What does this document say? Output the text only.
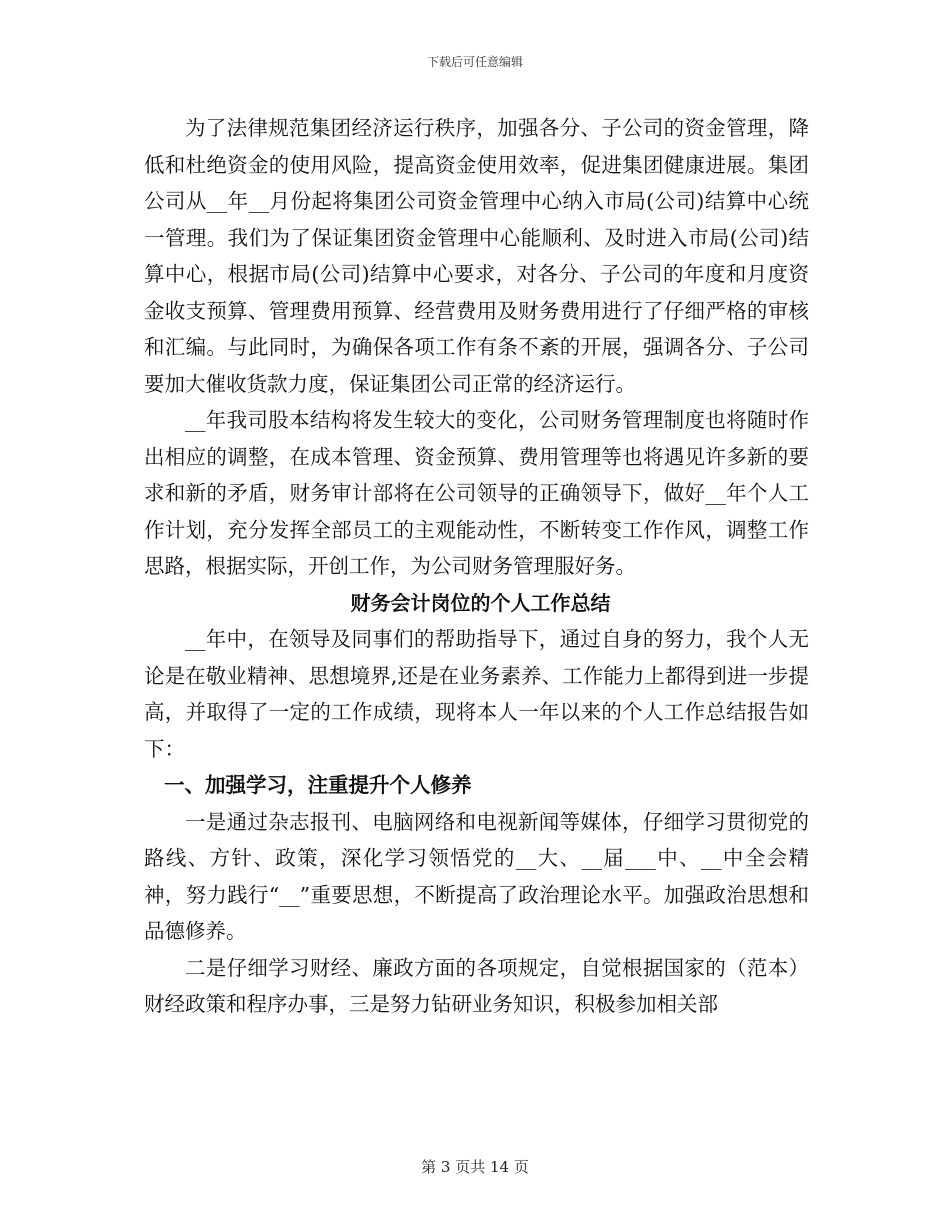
下载后可任意编辑

为了法律规范集团经济运行秩序，加强各分、子公司的资金管理，降低和杜绝资金的使用风险，提高资金使用效率，促进集团健康进展。集团公司从__年__月份起将集团公司资金管理中心纳入市局(公司)结算中心统一管理。我们为了保证集团资金管理中心能顺利、及时进入市局(公司)结算中心，根据市局(公司)结算中心要求，对各分、子公司的年度和月度资金收支预算、管理费用预算、经营费用及财务费用进行了仔细严格的审核和汇编。与此同时，为确保各项工作有条不紊的开展，强调各分、子公司要加大催收货款力度，保证集团公司正常的经济运行。

__年我司股本结构将发生较大的变化，公司财务管理制度也将随时作出相应的调整，在成本管理、资金预算、费用管理等也将遇见许多新的要求和新的矛盾，财务审计部将在公司领导的正确领导下，做好__年个人工作计划，充分发挥全部员工的主观能动性，不断转变工作作风，调整工作思路，根据实际，开创工作，为公司财务管理服好务。

财务会计岗位的个人工作总结

__年中，在领导及同事们的帮助指导下，通过自身的努力，我个人无论是在敬业精神、思想境界,还是在业务素养、工作能力上都得到进一步提高，并取得了一定的工作成绩，现将本人一年以来的个人工作总结报告如下：

一、加强学习，注重提升个人修养

一是通过杂志报刊、电脑网络和电视新闻等媒体，仔细学习贯彻党的路线、方针、政策，深化学习领悟党的__大、__届___中、__中全会精神，努力践行“__”重要思想，不断提高了政治理论水平。加强政治思想和品德修养。

二是仔细学习财经、廉政方面的各项规定，自觉根据国家的（范本）财经政策和程序办事，三是努力钻研业务知识，积极参加相关部

第 3 页共 14 页
